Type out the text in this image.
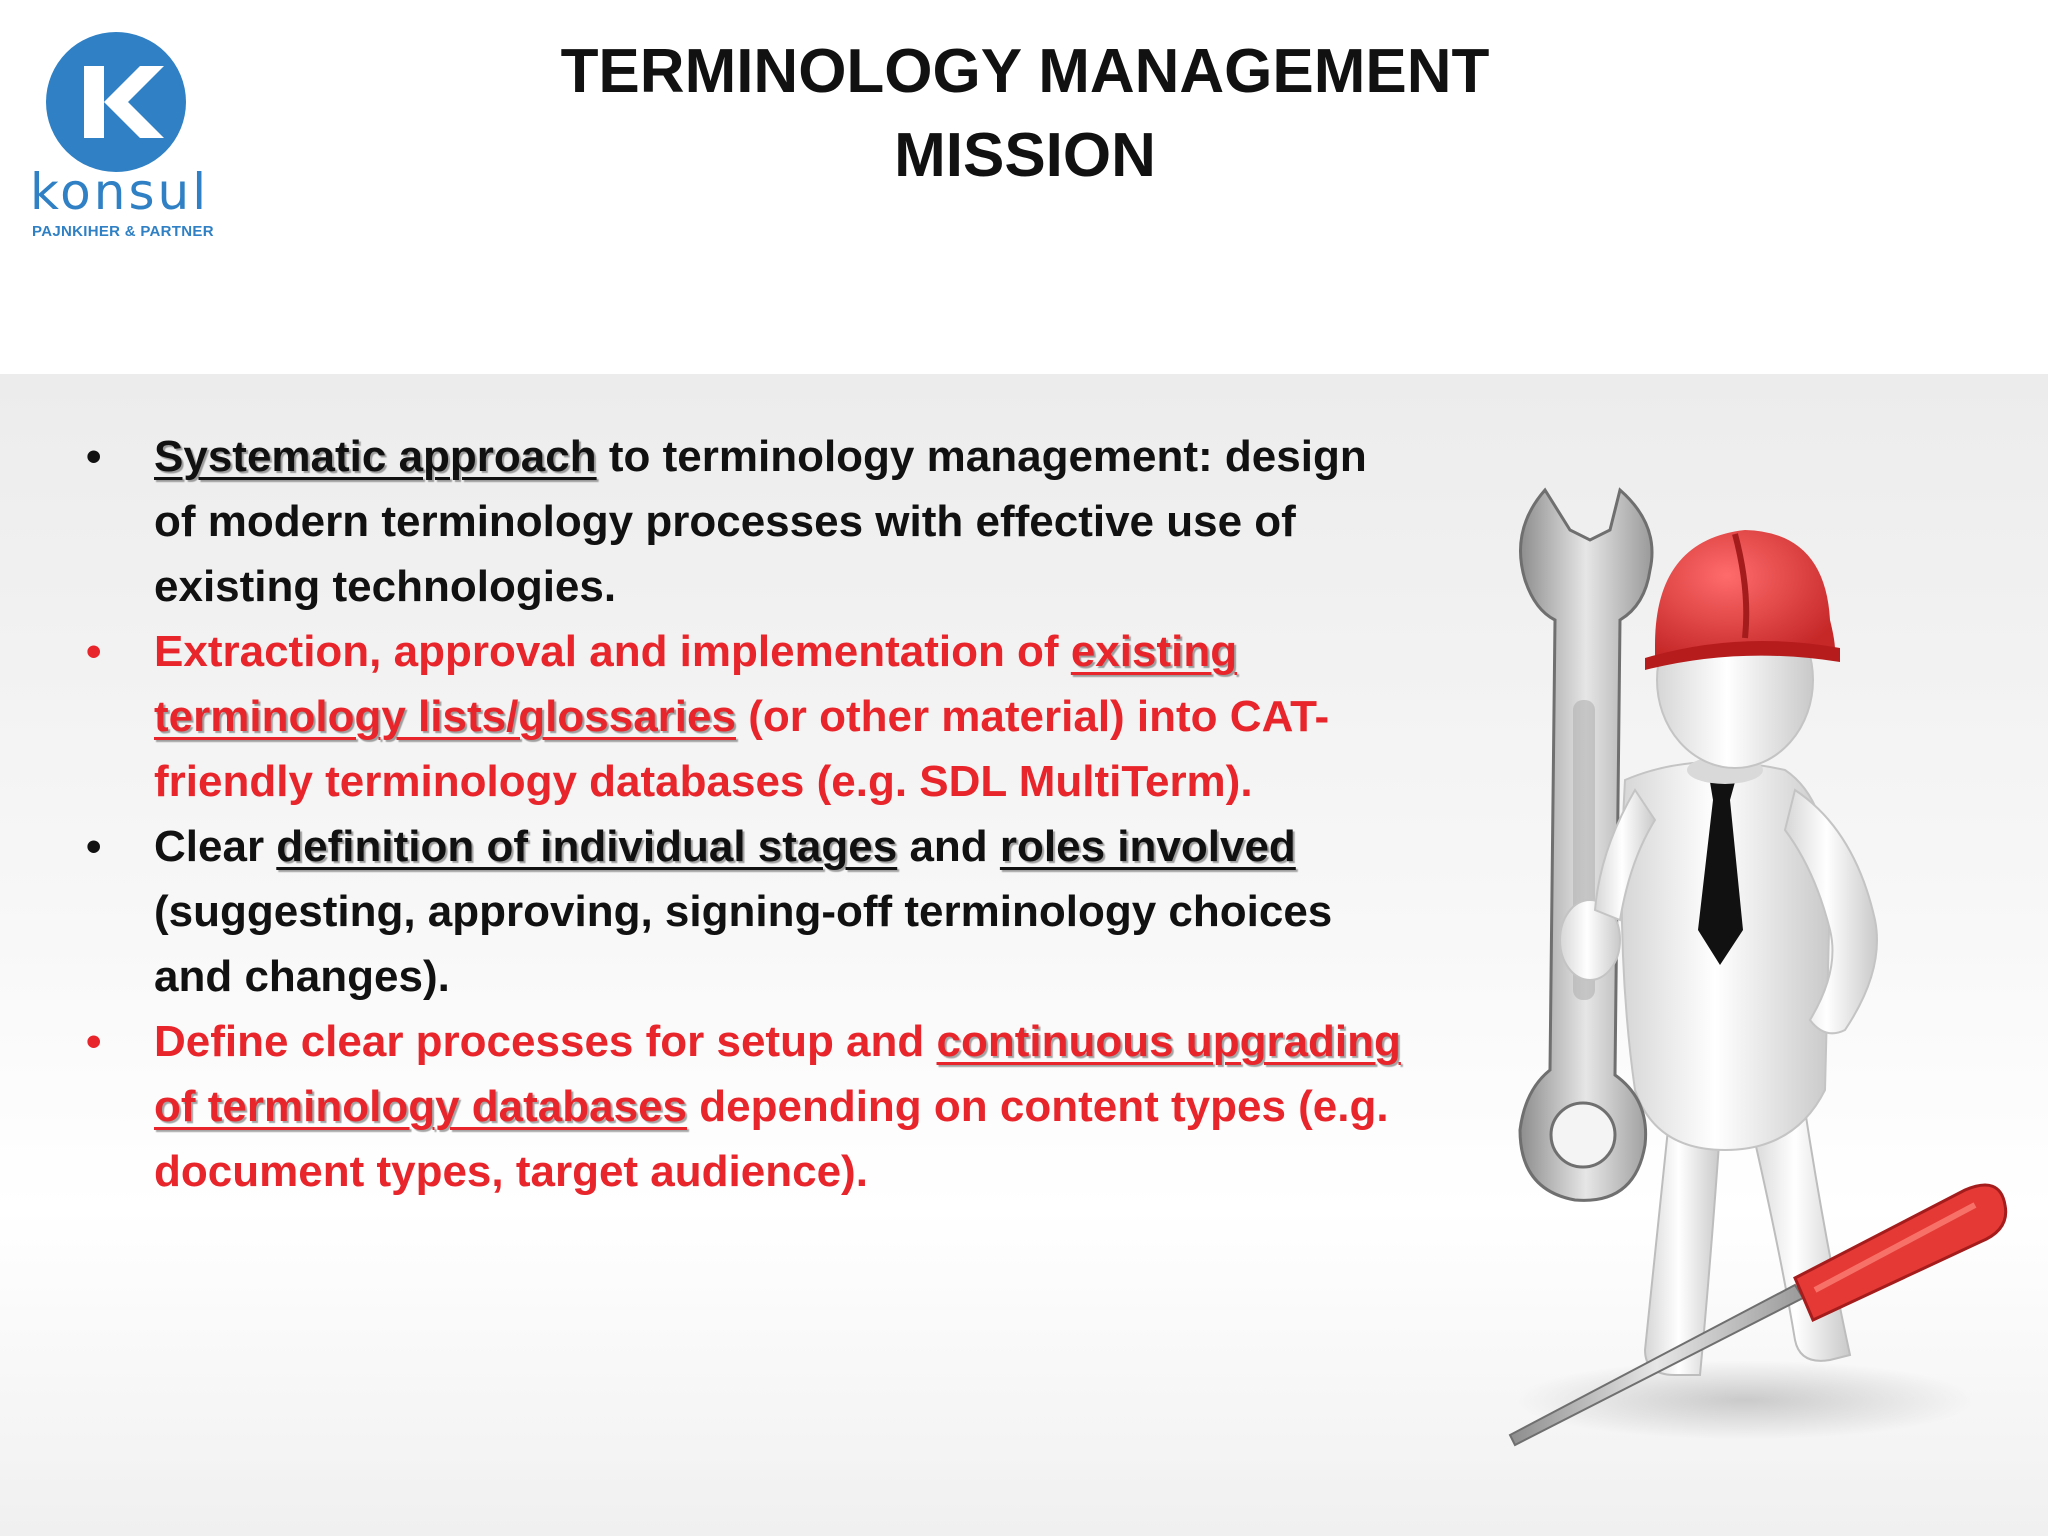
konsul
PAJNKIHER & PARTNER
TERMINOLOGY MANAGEMENT
MISSION
• Systematic approach to terminology management: design of modern terminology processes with effective use of existing technologies.
• Extraction, approval and implementation of existing terminology lists/glossaries (or other material) into CAT-friendly terminology databases (e.g. SDL MultiTerm).
• Clear definition of individual stages and roles involved (suggesting, approving, signing-off terminology choices and changes).
• Define clear processes for setup and continuous upgrading of terminology databases depending on content types (e.g. document types, target audience).
